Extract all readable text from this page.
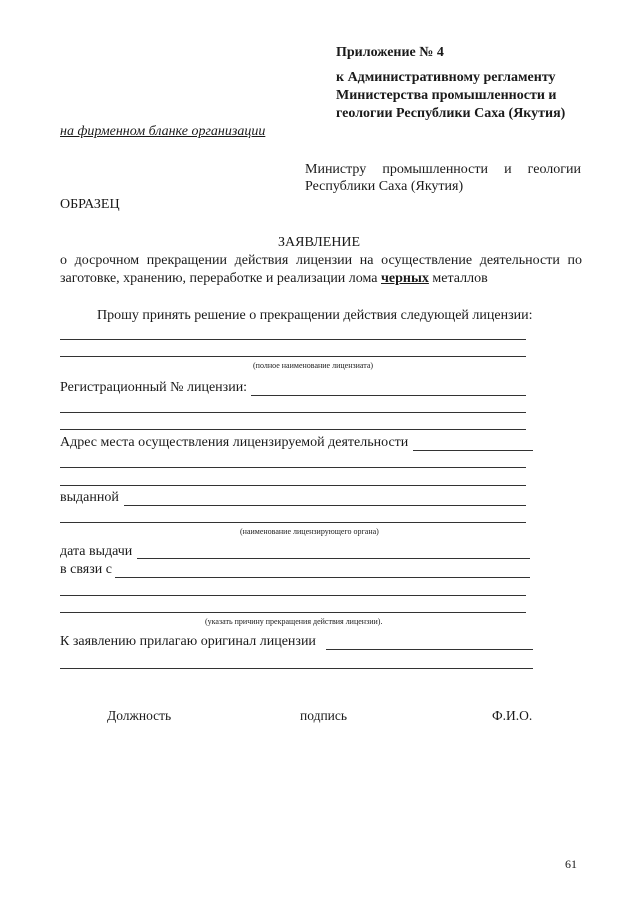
Приложение № 4
к Административному регламенту
Министерства промышленности и
геологии Республики Саха (Якутия)
на фирменном бланке организации
Министру промышленности и геологии
Республики Саха (Якутия)
ОБРАЗЕЦ
ЗАЯВЛЕНИЕ
о досрочном прекращении действия лицензии на осуществление деятельности по
заготовке, хранению, переработке и реализации лома черных металлов
Прошу принять решение о прекращении действия следующей лицензии:
(полное наименование лицензиата)
Регистрационный № лицензии:
Адрес места осуществления лицензируемой деятельности
выданной
(наименование лицензирующего органа)
дата выдачи
в связи с
(указать причину прекращения действия лицензии).
К заявлению прилагаю оригинал лицензии
Должность	подпись	Ф.И.О.
61
